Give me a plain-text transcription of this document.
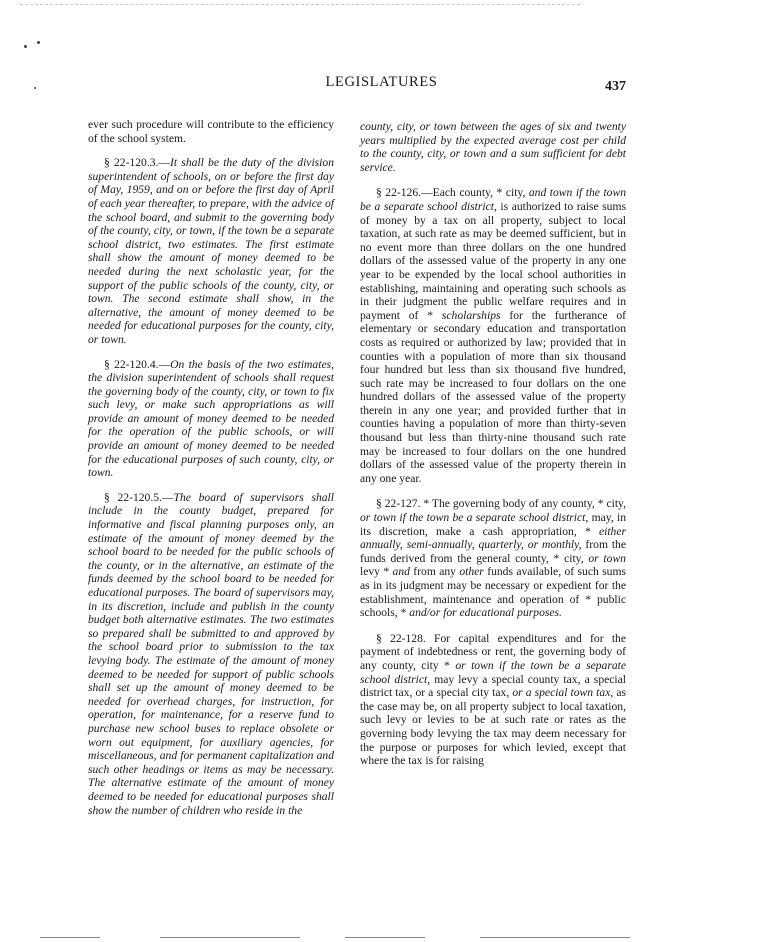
LEGISLATURES	437

ever such procedure will contribute to the efficiency of the school system.

§ 22-120.3.—It shall be the duty of the division superintendent of schools, on or before the first day of May, 1959, and on or before the first day of April of each year thereafter, to prepare, with the advice of the school board, and submit to the governing body of the county, city, or town, if the town be a separate school district, two estimates. The first estimate shall show the amount of money deemed to be needed during the next scholastic year, for the support of the public schools of the county, city, or town. The second estimate shall show, in the alternative, the amount of money deemed to be needed for educational purposes for the county, city, or town.

§ 22-120.4.—On the basis of the two estimates, the division superintendent of schools shall request the governing body of the county, city, or town to fix such levy, or make such appropriations as will provide an amount of money deemed to be needed for the operation of the public schools, or will provide an amount of money deemed to be needed for the educational purposes of such county, city, or town.

§ 22-120.5.—The board of supervisors shall include in the county budget, prepared for informative and fiscal planning purposes only, an estimate of the amount of money deemed by the school board to be needed for the public schools of the county, or in the alternative, an estimate of the funds deemed by the school board to be needed for educational purposes. The board of supervisors may, in its discretion, include and publish in the county budget both alternative estimates. The two estimates so prepared shall be submitted to and approved by the school board prior to submission to the tax levying body. The estimate of the amount of money deemed to be needed for support of public schools shall set up the amount of money deemed to be needed for overhead charges, for instruction, for operation, for maintenance, for a reserve fund to purchase new school buses to replace obsolete or worn out equipment, for auxiliary agencies, for miscellaneous, and for permanent capitalization and such other headings or items as may be necessary. The alternative estimate of the amount of money deemed to be needed for educational purposes shall show the number of children who reside in the

county, city, or town between the ages of six and twenty years multiplied by the expected average cost per child to the county, city, or town and a sum sufficient for debt service.

§ 22-126.—Each county, * city, and town if the town be a separate school district, is authorized to raise sums of money by a tax on all property, subject to local taxation, at such rate as may be deemed sufficient, but in no event more than three dollars on the one hundred dollars of the assessed value of the property in any one year to be expended by the local school authorities in establishing, maintaining and operating such schools as in their judgment the public welfare requires and in payment of * scholarships for the furtherance of elementary or secondary education and transportation costs as required or authorized by law; provided that in counties with a population of more than six thousand four hundred but less than six thousand five hundred, such rate may be increased to four dollars on the one hundred dollars of the assessed value of the property therein in any one year; and provided further that in counties having a population of more than thirty-seven thousand but less than thirty-nine thousand such rate may be increased to four dollars on the one hundred dollars of the assessed value of the property therein in any one year.

§ 22-127. * The governing body of any county, * city, or town if the town be a separate school district, may, in its discretion, make a cash appropriation, * either annually, semi-annually, quarterly, or monthly, from the funds derived from the general county, * city, or town levy * and from any other funds available, of such sums as in its judgment may be necessary or expedient for the establishment, maintenance and operation of * public schools, * and/or for educational purposes.

§ 22-128. For capital expenditures and for the payment of indebtedness or rent, the governing body of any county, city * or town if the town be a separate school district, may levy a special county tax, a special district tax, or a special city tax, or a special town tax, as the case may be, on all property subject to local taxation, such levy or levies to be at such rate or rates as the governing body levying the tax may deem necessary for the purpose or purposes for which levied, except that where the tax is for raising
